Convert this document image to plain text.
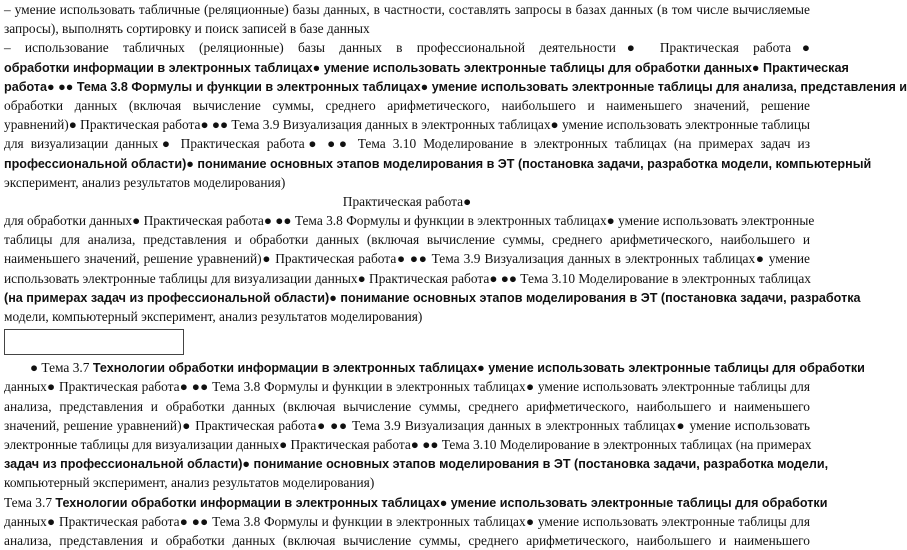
– умение использовать табличные (реляционные) базы данных, в частности, составлять запросы в базах данных (в том числе вычисляемые
запросы), выполнять сортировку и поиск записей в базе данных
– использование табличных (реляционные) базы данных в профессиональной деятельности● Практическая работа●
обработки информации в электронных таблицах● умение использовать электронные таблицы для обработки данных● Практическая
работа● ●● Тема 3.8 Формулы и функции в электронных таблицах● умение использовать электронные таблицы для анализа, представления и
обработки данных (включая вычисление суммы, среднего арифметического, наибольшего и наименьшего значений, решение
уравнений)● Практическая работа● ●● Тема 3.9 Визуализация данных в электронных таблицах● умение использовать электронные таблицы
для визуализации данных● Практическая работа● ●● Тема 3.10 Моделирование в электронных таблицах (на примерах задач из
профессиональной области)● понимание основных этапов моделирования в ЭТ (постановка задачи, разработка модели, компьютерный
эксперимент, анализ результатов моделирования)
Практическая работа●
для обработки данных● Практическая работа● ●● Тема 3.8 Формулы и функции в электронных таблицах● умение использовать электронные
таблицы для анализа, представления и обработки данных (включая вычисление суммы, среднего арифметического, наибольшего и
наименьшего значений, решение уравнений)● Практическая работа● ●● Тема 3.9 Визуализация данных в электронных таблицах● умение
использовать электронные таблицы для визуализации данных● Практическая работа● ●● Тема 3.10 Моделирование в электронных таблицах
(на примерах задач из профессиональной области)● понимание основных этапов моделирования в ЭТ (постановка задачи, разработка
модели, компьютерный эксперимент, анализ результатов моделирования)
● Тема 3.7 Технологии обработки информации в электронных таблицах● умение использовать электронные таблицы для обработки
данных● Практическая работа● ●● Тема 3.8 Формулы и функции в электронных таблицах● умение использовать электронные таблицы для
анализа, представления и обработки данных (включая вычисление суммы, среднего арифметического, наибольшего и наименьшего
значений, решение уравнений)● Практическая работа● ●● Тема 3.9 Визуализация данных в электронных таблицах● умение использовать
электронные таблицы для визуализации данных● Практическая работа● ●● Тема 3.10 Моделирование в электронных таблицах (на примерах
задач из профессиональной области)● понимание основных этапов моделирования в ЭТ (постановка задачи, разработка модели,
компьютерный эксперимент, анализ результатов моделирования)
Тема 3.7 Технологии обработки информации в электронных таблицах● умение использовать электронные таблицы для обработки
данных● Практическая работа● ●● Тема 3.8 Формулы и функции в электронных таблицах● умение использовать электронные таблицы для
анализа, представления и обработки данных (включая вычисление суммы, среднего арифметического, наибольшего и наименьшего
